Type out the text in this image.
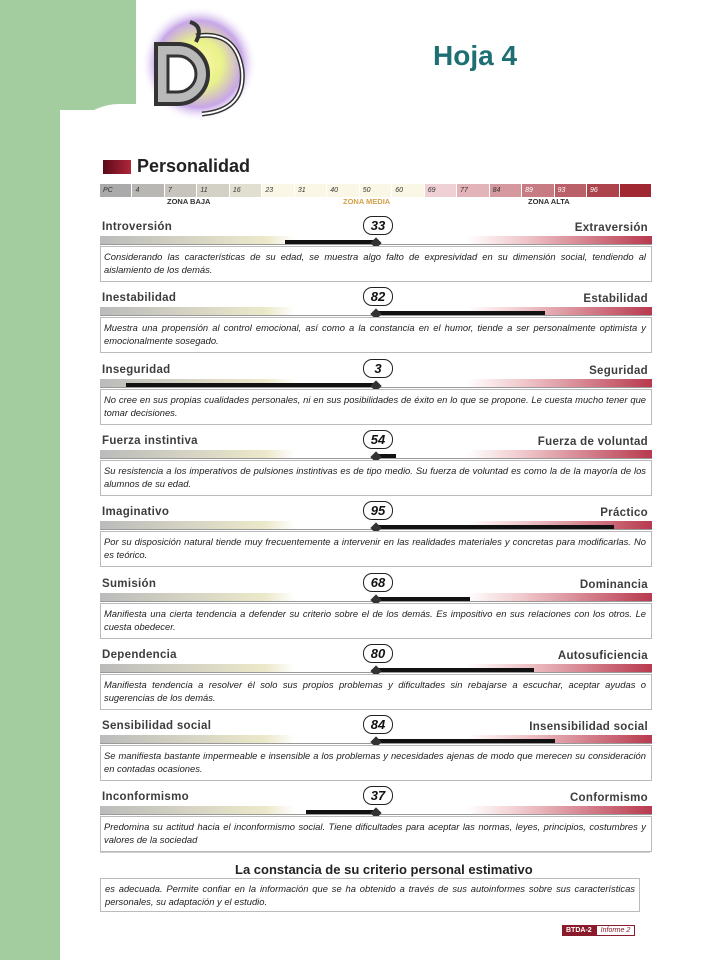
Hoja 4
Personalidad
PC	4	7	11	16	23	31	40	50	60	69	77	84	89	93	96
ZONA BAJA	ZONA MEDIA	ZONA ALTA
Introversión	Extraversión
33
Considerando las características de su edad, se muestra algo falto de expresividad en su dimensión social, tendiendo al aislamiento de los demás.
Inestabilidad	Estabilidad
82
Muestra una propensión al control emocional, así como a la constancia en el humor, tiende a ser personalmente optimista y emocionalmente sosegado.
Inseguridad	Seguridad
3
No cree en sus propias cualidades personales, ni en sus posibilidades de éxito en lo que se propone. Le cuesta mucho tener que tomar decisiones.
Fuerza instintiva	Fuerza de voluntad
54
Su resistencia a los imperativos de pulsiones instintivas es de tipo medio. Su fuerza de voluntad es como la de la mayoría de los alumnos de su edad.
Imaginativo	Práctico
95
Por su disposición natural tiende muy frecuentemente a intervenir en las realidades materiales y concretas para modificarlas. No es teórico.
Sumisión	Dominancia
68
Manifiesta una cierta tendencia a defender su criterio sobre el de los demás. Es impositivo en sus relaciones con los otros. Le cuesta obedecer.
Dependencia	Autosuficiencia
80
Manifiesta tendencia a resolver él solo sus propios problemas y dificultades sin rebajarse a escuchar, aceptar ayudas o sugerencias de los demás.
Sensibilidad social	Insensibilidad social
84
Se manifiesta bastante impermeable e insensible a los problemas y necesidades ajenas de modo que merecen su consideración en contadas ocasiones.
Inconformismo	Conformismo
37
Predomina su actitud hacia el inconformismo social. Tiene dificultades para aceptar las normas, leyes, principios, costumbres y valores de la sociedad
La constancia de su criterio personal estimativo
es adecuada. Permite confiar en la información que se ha obtenido a través de sus autoinformes sobre sus características personales, su adaptación y el estudio.
BTDA-2	Informe 2
